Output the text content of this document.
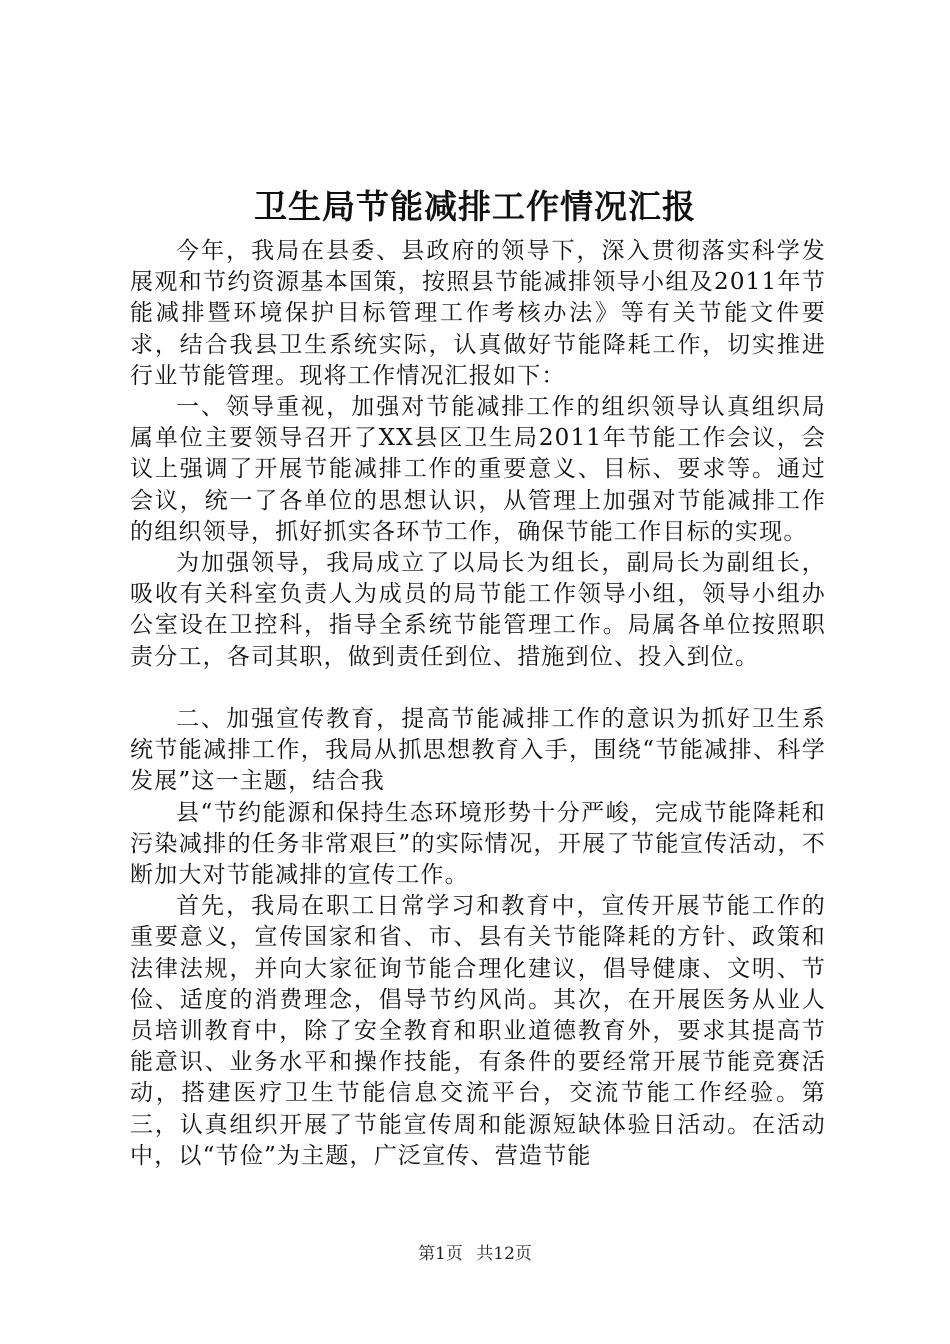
卫生局节能减排工作情况汇报

今年，我局在县委、县政府的领导下，深入贯彻落实科学发展观和节约资源基本国策，按照县节能减排领导小组及2011年节能减排暨环境保护目标管理工作考核办法》等有关节能文件要求，结合我县卫生系统实际，认真做好节能降耗工作，切实推进行业节能管理。现将工作情况汇报如下：

一、领导重视，加强对节能减排工作的组织领导认真组织局属单位主要领导召开了XX县区卫生局2011年节能工作会议，会议上强调了开展节能减排工作的重要意义、目标、要求等。通过会议，统一了各单位的思想认识，从管理上加强对节能减排工作的组织领导，抓好抓实各环节工作，确保节能工作目标的实现。

为加强领导，我局成立了以局长为组长，副局长为副组长，吸收有关科室负责人为成员的局节能工作领导小组，领导小组办公室设在卫控科，指导全系统节能管理工作。局属各单位按照职责分工，各司其职，做到责任到位、措施到位、投入到位。

二、加强宣传教育，提高节能减排工作的意识为抓好卫生系统节能减排工作，我局从抓思想教育入手，围绕“节能减排、科学发展”这一主题，结合我

县“节约能源和保持生态环境形势十分严峻，完成节能降耗和污染减排的任务非常艰巨”的实际情况，开展了节能宣传活动，不断加大对节能减排的宣传工作。

首先，我局在职工日常学习和教育中，宣传开展节能工作的重要意义，宣传国家和省、市、县有关节能降耗的方针、政策和法律法规，并向大家征询节能合理化建议，倡导健康、文明、节俭、适度的消费理念，倡导节约风尚。其次，在开展医务从业人员培训教育中，除了安全教育和职业道德教育外，要求其提高节能意识、业务水平和操作技能，有条件的要经常开展节能竞赛活动，搭建医疗卫生节能信息交流平台，交流节能工作经验。第三，认真组织开展了节能宣传周和能源短缺体验日活动。在活动中，以“节俭”为主题，广泛宣传、营造节能

第1页 共12页
